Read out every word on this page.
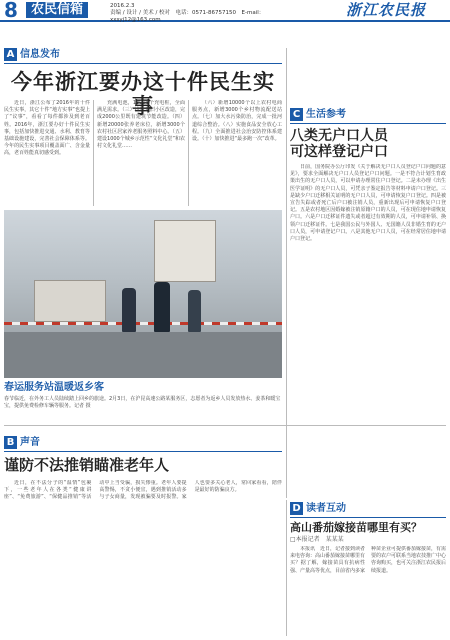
8	农民信箱	2016.2.3
责编 / 设计 / 美术 / 校对　电话：0571-86757150　E-mail：xxsyj12@163.com
浙江农民报
A 信息发布
今年浙江要办这十件民生实事
近日，浙江公布了2016年的十件民生实事，其它十件“地方实事”也提上了“议事”，看看了每件都涉及到老百姓。2016年，浙江要办好十件民生实事，包括加快推进交通、水利、教育等基础设施建设，完善社会保障体系等。今年的民生实事项目覆盖面广、含金量高，老百姓能真切感受到。
充满电池，10000个充电桩，全面满足需求。（三）推进老旧小区改造，完成2000公里既有建筑节能改造。（四）新增20000张养老床位，新增3000个农村社区居家养老服务照料中心。（五）建设1000个城乡示范性“文化礼堂”和农村文化礼堂……
（六）新增10000个以上农村电商服务点，新增3000个乡村物流配送站点。（七）加大水污染防治，完成一批河道综合整治。（八）实施食品安全放心工程。（九）全面推进社会治安防控体系建设。（十）加快推进“最多跑一次”改革。
春运服务站温暖返乡客
春节临近，在外务工人员陆续踏上回乡的旅途。2月3日，在沪昆高速公路某服务区，志愿者为返乡人员发放热水、姜茶和暖宝宝，提供免费检修车辆等服务。记者 摄
C 生活参考
八类无户口人员
可这样登记户口
日前，国务院办公厅印发《关于解决无户口人员登记户口问题的意见》，要求全面解决无户口人员登记户口问题。一是不符合计划生育政策出生的无户口人员，可以申请办理常住户口登记。二是未办理《出生医学证明》的无户口人员，可凭亲子鉴定报告等材料申请户口登记。三是缺少户口迁移相关证明的无户口人员，可申请恢复户口登记。四是被宣告失踪或者死亡后户口被注销人员，重新出现后可申请恢复户口登记。五是农村地区因婚嫁被注销原籍户口的人员，可在现住地申请恢复户口。六是户口迁移证件遗失或者超过有效期的人员，可申请补领、换领户口迁移证件。七是我国公民与外国人、无国籍人员非婚生育的无户口人员，可申请登记户口。八是其他无户口人员，可在经常居住地申请户口登记。
B 声音
谨防不法推销瞄准老年人
近日，在不法分子的“温情”包裹下，一些老年人在各类“健康讲座”、“免费旅游”、“保健品推销”等活动中上当受骗，损失惨重。老年人要提高警惕，不贪小便宜，遇到推销活动多与子女商量，发现被骗要及时报警。家人也要多关心老人，常回家看看，陪伴是最好的防骗良方。
D 读者互动
高山番茄嫁接苗哪里有买？
□本报记者　某某某
本报讯　近日，记者接到读者来电咨询：高山番茄嫁接苗哪里有买？据了解，嫁接苗具有抗病性强、产量高等优点，目前省内多家种苗企业可提供番茄嫁接苗，有需要的农户可联系当地农技推广中心咨询购买，也可关注浙江农民报后续报道。
